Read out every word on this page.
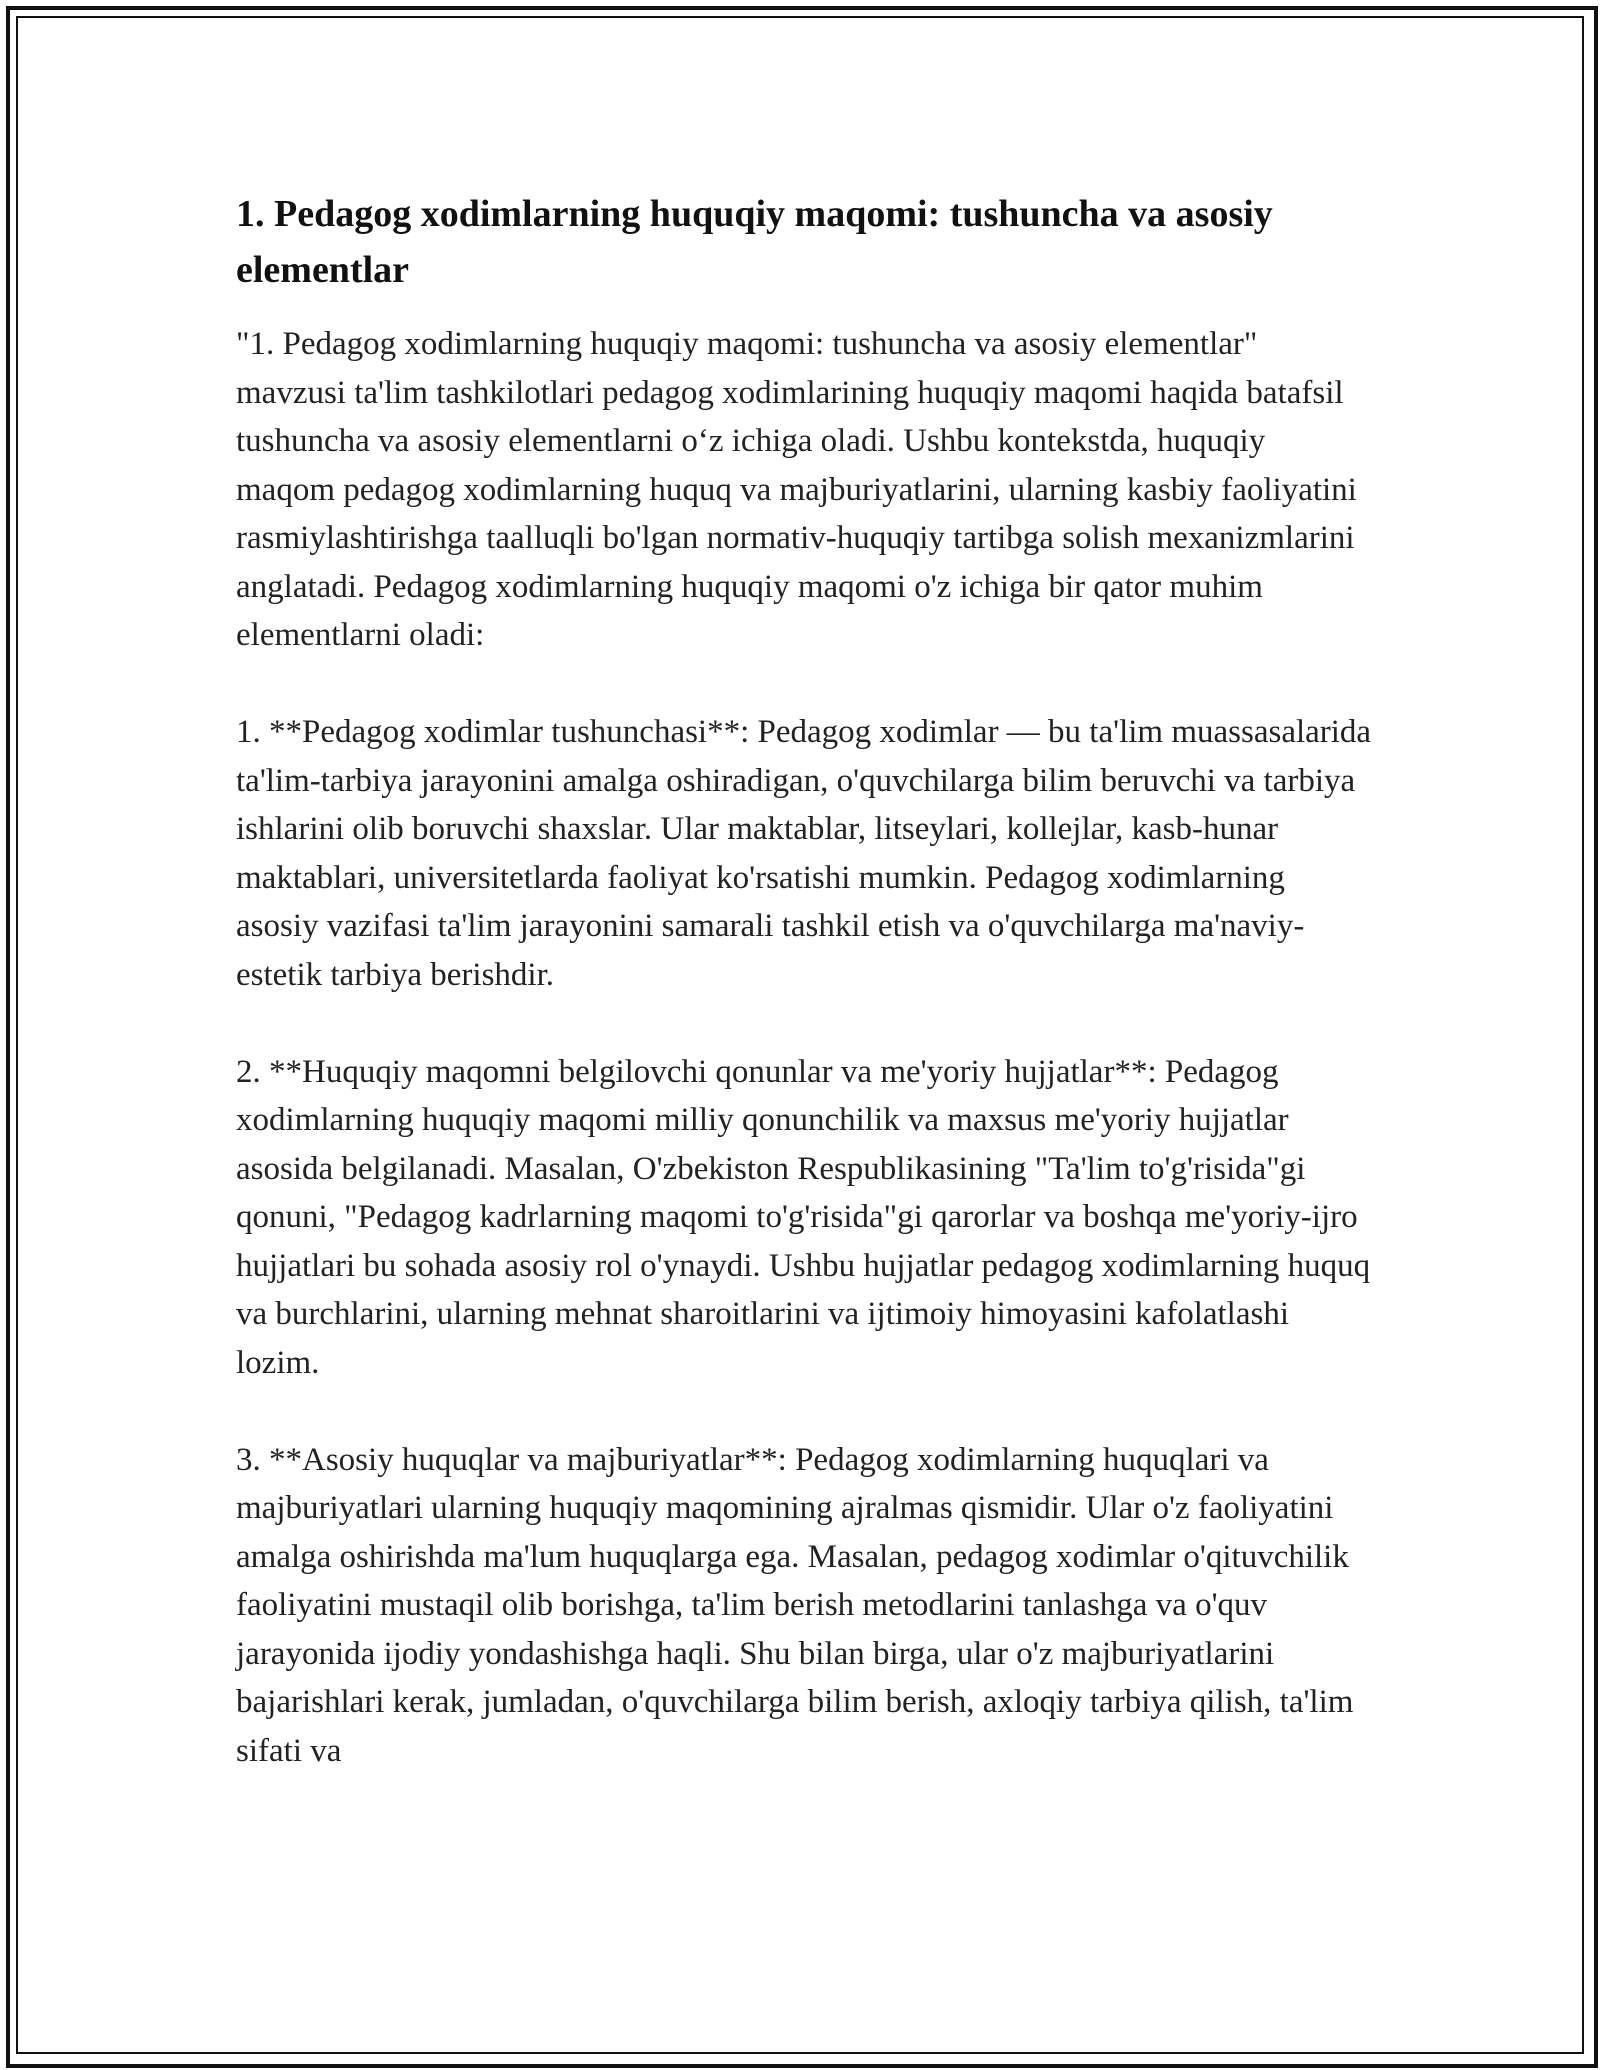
1. Pedagog xodimlarning huquqiy maqomi: tushuncha va asosiy elementlar

"1. Pedagog xodimlarning huquqiy maqomi: tushuncha va asosiy elementlar" mavzusi ta'lim tashkilotlari pedagog xodimlarining huquqiy maqomi haqida batafsil tushuncha va asosiy elementlarni oʻz ichiga oladi. Ushbu kontekstda, huquqiy maqom pedagog xodimlarning huquq va majburiyatlarini, ularning kasbiy faoliyatini rasmiylashtirishga taalluqli bo'lgan normativ-huquqiy tartibga solish mexanizmlarini anglatadi. Pedagog xodimlarning huquqiy maqomi o'z ichiga bir qator muhim elementlarni oladi:

1. **Pedagog xodimlar tushunchasi**: Pedagog xodimlar — bu ta'lim muassasalarida ta'lim-tarbiya jarayonini amalga oshiradigan, o'quvchilarga bilim beruvchi va tarbiya ishlarini olib boruvchi shaxslar. Ular maktablar, litseylari, kollejlar, kasb-hunar maktablari, universitetlarda faoliyat ko'rsatishi mumkin. Pedagog xodimlarning asosiy vazifasi ta'lim jarayonini samarali tashkil etish va o'quvchilarga ma'naviy-estetik tarbiya berishdir.

2. **Huquqiy maqomni belgilovchi qonunlar va me'yoriy hujjatlar**: Pedagog xodimlarning huquqiy maqomi milliy qonunchilik va maxsus me'yoriy hujjatlar asosida belgilanadi. Masalan, O'zbekiston Respublikasining "Ta'lim to'g'risida"gi qonuni, "Pedagog kadrlarning maqomi to'g'risida"gi qarorlar va boshqa me'yoriy-ijro hujjatlari bu sohada asosiy rol o'ynaydi. Ushbu hujjatlar pedagog xodimlarning huquq va burchlarini, ularning mehnat sharoitlarini va ijtimoiy himoyasini kafolatlashi lozim.

3. **Asosiy huquqlar va majburiyatlar**: Pedagog xodimlarning huquqlari va majburiyatlari ularning huquqiy maqomining ajralmas qismidir. Ular o'z faoliyatini amalga oshirishda ma'lum huquqlarga ega. Masalan, pedagog xodimlar o'qituvchilik faoliyatini mustaqil olib borishga, ta'lim berish metodlarini tanlashga va o'quv jarayonida ijodiy yondashishga haqli. Shu bilan birga, ular o'z majburiyatlarini bajarishlari kerak, jumladan, o'quvchilarga bilim berish, axloqiy tarbiya qilish, ta'lim sifati va
